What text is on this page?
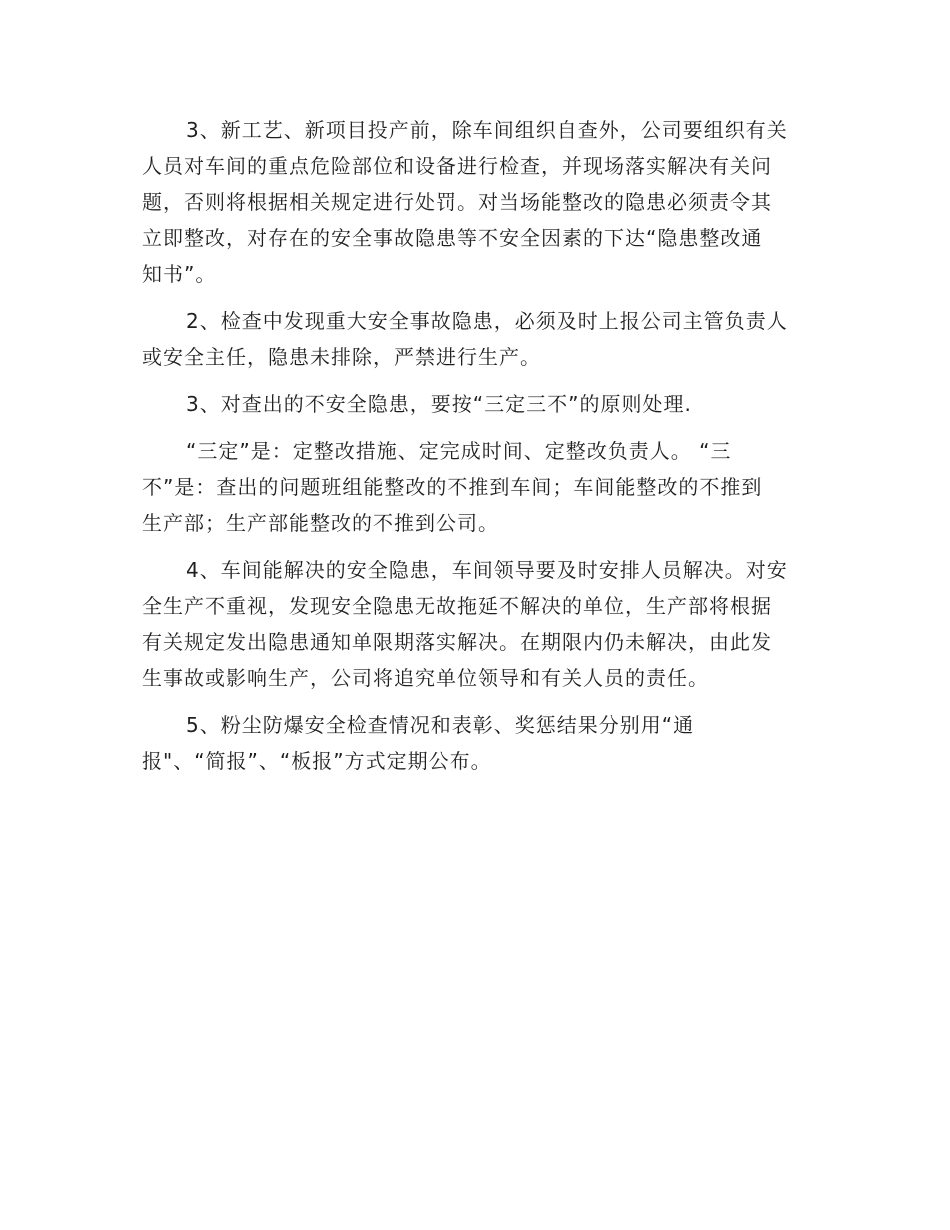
3、新工艺、新项目投产前，除车间组织自查外，公司要组织有关
人员对车间的重点危险部位和设备进行检查，并现场落实解决有关问
题，否则将根据相关规定进行处罚。对当场能整改的隐患必须责令其
立即整改，对存在的安全事故隐患等不安全因素的下达“隐患整改通
知书”。

2、检查中发现重大安全事故隐患，必须及时上报公司主管负责人
或安全主任，隐患未排除，严禁进行生产。

3、对查出的不安全隐患，要按“三定三不”的原则处理.

“三定”是：定整改措施、定完成时间、定整改负责人。 “三
不”是：查出的问题班组能整改的不推到车间；车间能整改的不推到
生产部；生产部能整改的不推到公司。

4、车间能解决的安全隐患，车间领导要及时安排人员解决。对安
全生产不重视，发现安全隐患无故拖延不解决的单位，生产部将根据
有关规定发出隐患通知单限期落实解决。在期限内仍未解决，由此发
生事故或影响生产，公司将追究单位领导和有关人员的责任。

5、粉尘防爆安全检查情况和表彰、奖惩结果分别用“通
报"、“简报”、“板报”方式定期公布。
